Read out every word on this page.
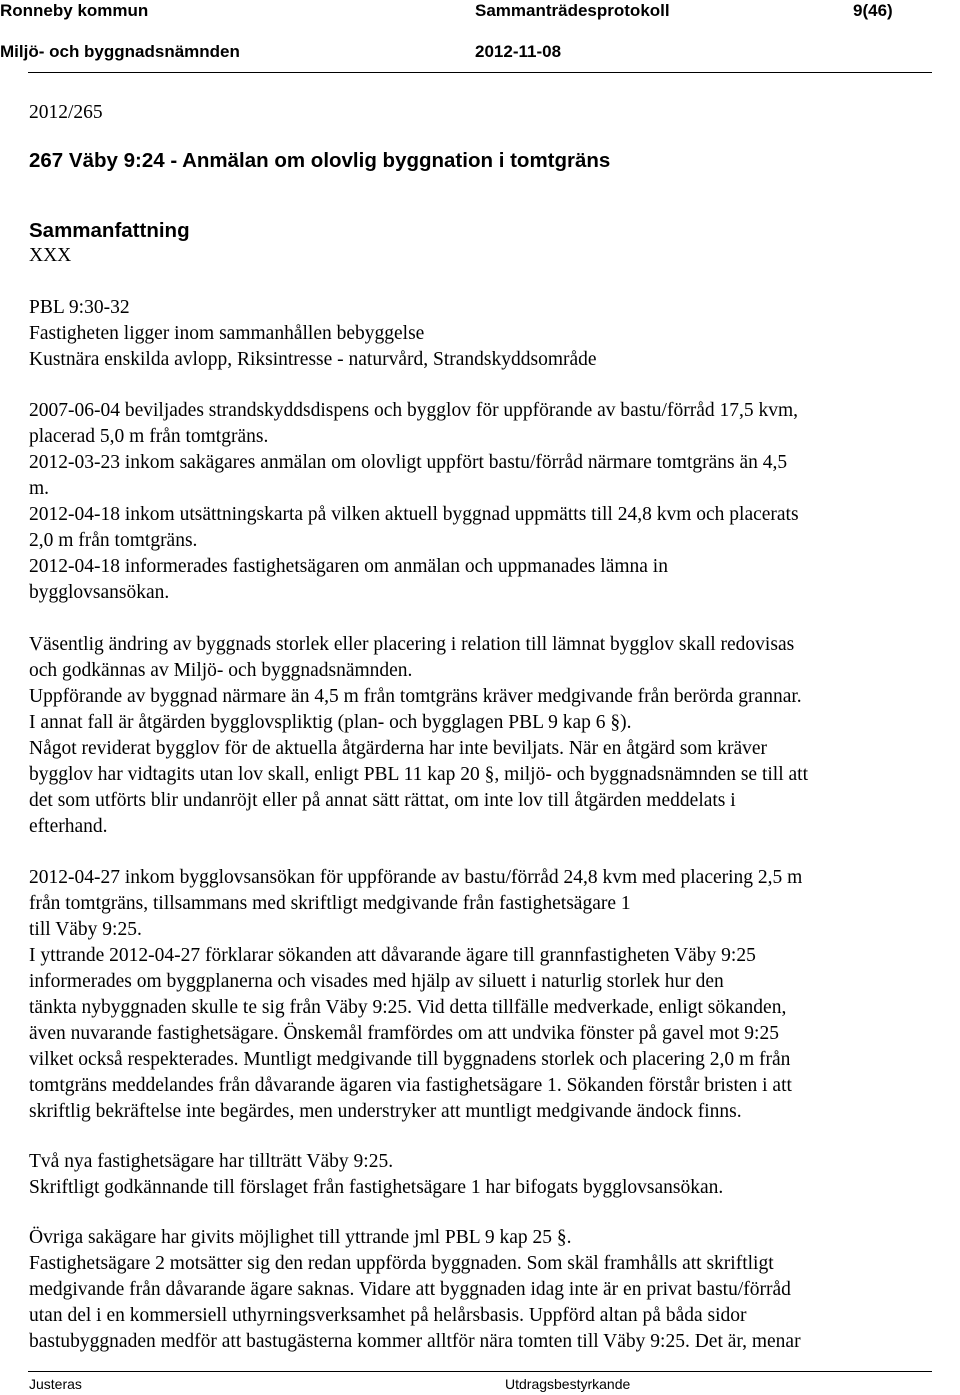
Ronneby kommun	Sammanträdesprotokoll	9(46)
Miljö- och byggnadsnämnden	2012-11-08
2012/265
267 Väby 9:24 - Anmälan om olovlig byggnation i tomtgräns
Sammanfattning
XXX
PBL 9:30-32
Fastigheten ligger inom sammanhållen bebyggelse
Kustnära enskilda avlopp, Riksintresse - naturvård, Strandskyddsområde
2007-06-04 beviljades strandskyddsdispens och bygglov för uppförande av bastu/förråd 17,5 kvm,
placerad 5,0 m från tomtgräns.
2012-03-23 inkom sakägares anmälan om olovligt uppfört bastu/förråd närmare tomtgräns än 4,5
m.
2012-04-18 inkom utsättningskarta på vilken aktuell byggnad uppmätts till 24,8 kvm och placerats
2,0 m från tomtgräns.
2012-04-18 informerades fastighetsägaren om anmälan och uppmanades lämna in
bygglovsansökan.
Väsentlig ändring av byggnads storlek eller placering i relation till lämnat bygglov skall redovisas
och godkännas av Miljö- och byggnadsnämnden.
Uppförande av byggnad närmare än 4,5 m från tomtgräns kräver medgivande från berörda grannar.
I annat fall är åtgärden bygglovspliktig (plan- och bygglagen PBL 9 kap 6 §).
Något reviderat bygglov för de aktuella åtgärderna har inte beviljats. När en åtgärd som kräver
bygglov har vidtagits utan lov skall, enligt PBL 11 kap 20 §, miljö- och byggnadsnämnden se till att
det som utförts blir undanröjt eller på annat sätt rättat, om inte lov till åtgärden meddelats i
efterhand.
2012-04-27 inkom bygglovsansökan för uppförande av bastu/förråd 24,8 kvm med placering 2,5 m
från tomtgräns, tillsammans med skriftligt medgivande från fastighetsägare 1
till Väby 9:25.
I yttrande 2012-04-27 förklarar sökanden att dåvarande ägare till grannfastigheten Väby 9:25
informerades om byggplanerna och visades med hjälp av siluett i naturlig storlek hur den
tänkta nybyggnaden skulle te sig från Väby 9:25. Vid detta tillfälle medverkade, enligt sökanden,
även nuvarande fastighetsägare. Önskemål framfördes om att undvika fönster på gavel mot 9:25
vilket också respekterades. Muntligt medgivande till byggnadens storlek och placering 2,0 m från
tomtgräns meddelandes från dåvarande ägaren via fastighetsägare 1. Sökanden förstår bristen i att
skriftlig bekräftelse inte begärdes, men understryker att muntligt medgivande ändock finns.
Två nya fastighetsägare har tillträtt Väby 9:25.
Skriftligt godkännande till förslaget från fastighetsägare 1 har bifogats bygglovsansökan.
Övriga sakägare har givits möjlighet till yttrande jml PBL 9 kap 25 §.
Fastighetsägare 2 motsätter sig den redan uppförda byggnaden. Som skäl framhålls att skriftligt
medgivande från dåvarande ägare saknas. Vidare att byggnaden idag inte är en privat bastu/förråd
utan del i en kommersiell uthyrningsverksamhet på helårsbasis. Uppförd altan på båda sidor
bastubyggnaden medför att bastugästerna kommer alltför nära tomten till Väby 9:25. Det är, menar
Justeras	Utdragsbestyrkande
